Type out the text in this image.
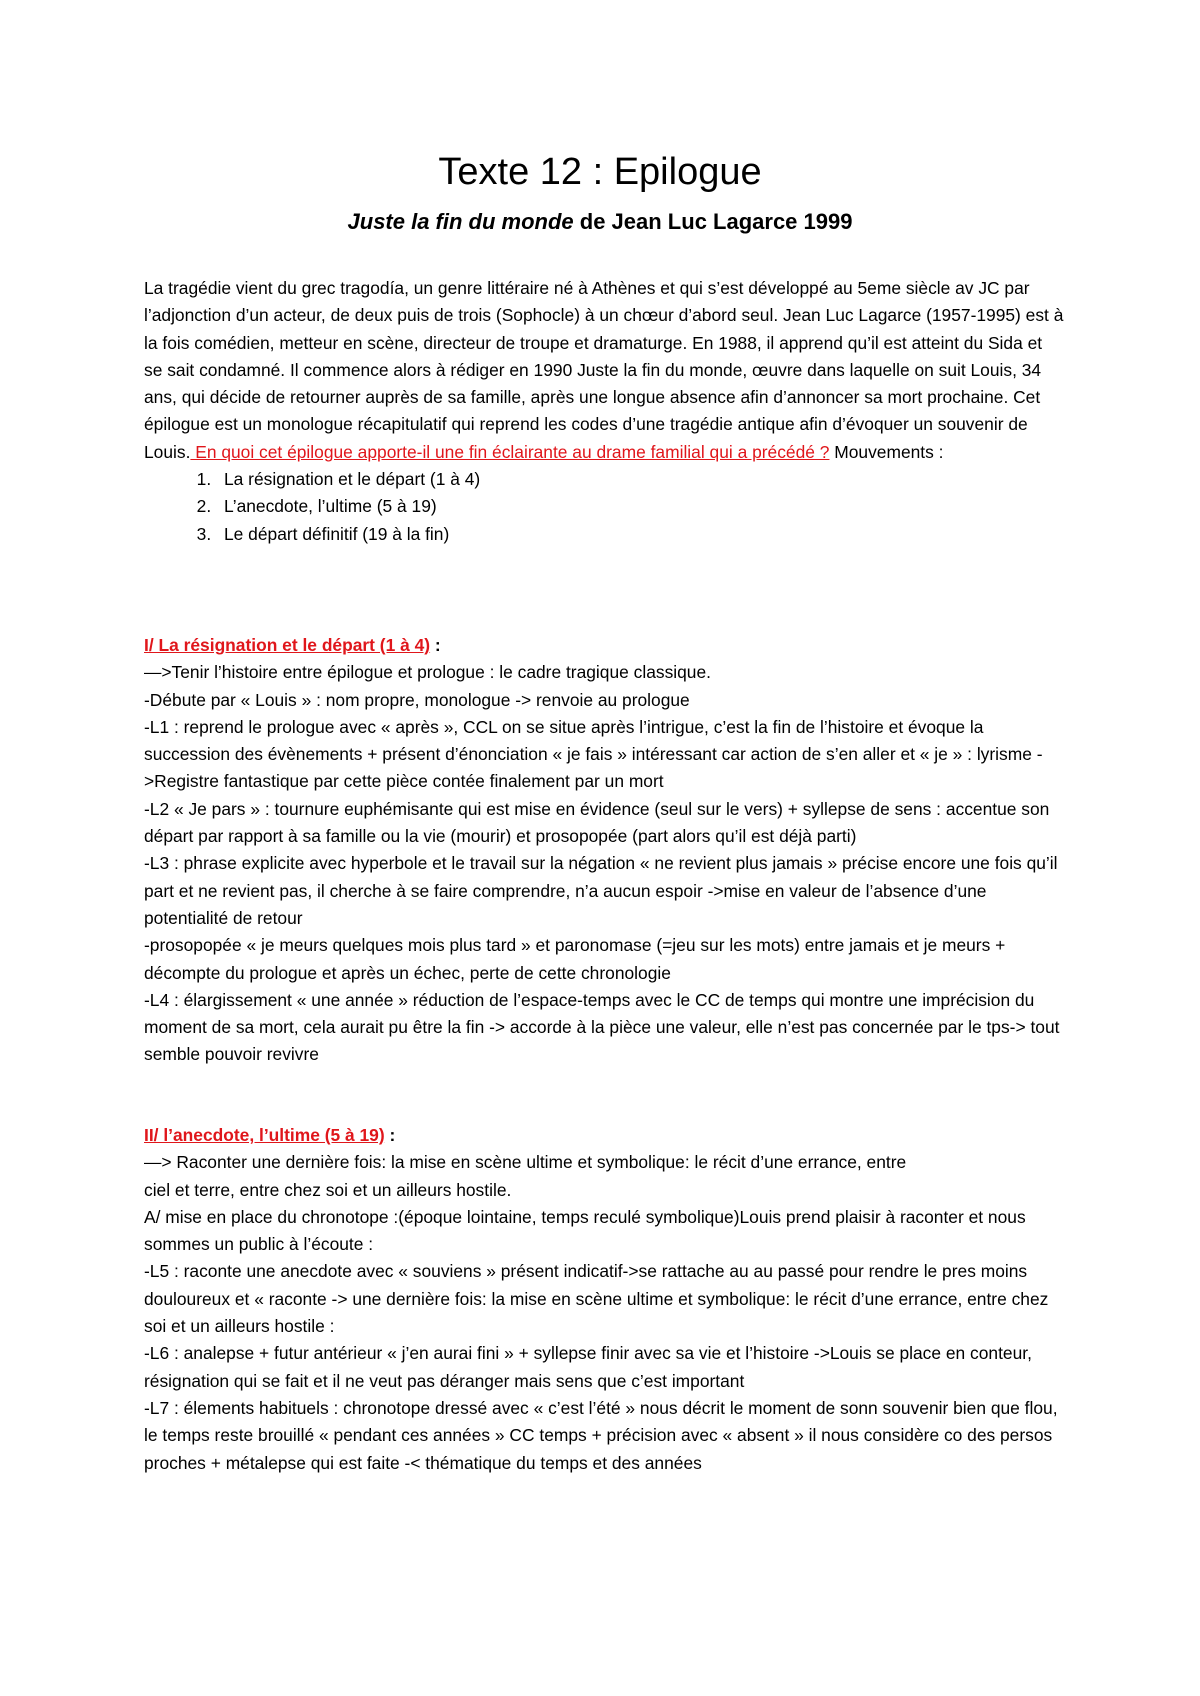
Texte 12 : Epilogue
Juste la fin du monde de Jean Luc Lagarce 1999

La tragédie vient du grec tragodía, un genre littéraire né à Athènes et qui s’est développé au 5eme siècle av JC par l’adjonction d’un acteur, de deux puis de trois (Sophocle) à un chœur d’abord seul. Jean Luc Lagarce (1957-1995) est à la fois comédien, metteur en scène, directeur de troupe et dramaturge. En 1988, il apprend qu’il est atteint du Sida et se sait condamné. Il commence alors à rédiger en 1990 Juste la fin du monde, œuvre dans laquelle on suit Louis, 34 ans, qui décide de retourner auprès de sa famille, après une longue absence afin d’annoncer sa mort prochaine. Cet épilogue est un monologue récapitulatif qui reprend les codes d’une tragédie antique afin d’évoquer un souvenir de Louis. En quoi cet épilogue apporte-il une fin éclairante au drame familial qui a précédé ? Mouvements :

1. La résignation et le départ (1 à 4)
2. L’anecdote, l’ultime (5 à 19)
3. Le départ définitif (19 à la fin)

I/ La résignation et le départ (1 à 4) :

—>Tenir l’histoire entre épilogue et prologue : le cadre tragique classique.

-Débute par « Louis » : nom propre, monologue -> renvoie au prologue

-L1 : reprend le prologue avec « après », CCL on se situe après l’intrigue, c’est la fin de l’histoire et évoque la succession des évènements + présent d’énonciation « je fais » intéressant car action de s’en aller et « je » : lyrisme ->Registre fantastique par cette pièce contée finalement par un mort

-L2 « Je pars » : tournure euphémisante qui est mise en évidence (seul sur le vers) + syllepse de sens : accentue son départ par rapport à sa famille ou la vie (mourir) et prosopopée (part alors qu’il est déjà parti)

-L3 : phrase explicite avec hyperbole et le travail sur la négation « ne revient plus jamais » précise encore une fois qu’il part et ne revient pas, il cherche à se faire comprendre, n’a aucun espoir ->mise en valeur de l’absence d’une potentialité de retour

-prosopopée « je meurs quelques mois plus tard » et paronomase (=jeu sur les mots) entre jamais et je meurs + décompte du prologue et après un échec, perte de cette chronologie

-L4 : élargissement « une année » réduction de l’espace-temps avec le CC de temps qui montre une imprécision du moment de sa mort, cela aurait pu être la fin -> accorde à la pièce une valeur, elle n’est pas concernée par le tps-> tout semble pouvoir revivre

II/ l’anecdote, l’ultime (5 à 19) :

—> Raconter une dernière fois: la mise en scène ultime et symbolique: le récit d’une errance, entre ciel et terre, entre chez soi et un ailleurs hostile.

A/ mise en place du chronotope :(époque lointaine, temps reculé symbolique)Louis prend plaisir à raconter et nous sommes un public à l’écoute :

-L5 : raconte une anecdote avec « souviens » présent indicatif->se rattache au au passé pour rendre le pres moins douloureux et « raconte -> une dernière fois: la mise en scène ultime et symbolique: le récit d’une errance, entre chez soi et un ailleurs hostile :

-L6 : analepse + futur antérieur « j’en aurai fini » + syllepse finir avec sa vie et l’histoire ->Louis se place en conteur, résignation qui se fait et il ne veut pas déranger mais sens que c’est important

-L7 : élements habituels : chronotope dressé avec « c’est l’été » nous décrit le moment de sonn souvenir bien que flou, le temps reste brouillé « pendant ces années » CC temps + précision avec « absent » il nous considère co des persos proches + métalepse qui est faite -< thématique du temps et des années
